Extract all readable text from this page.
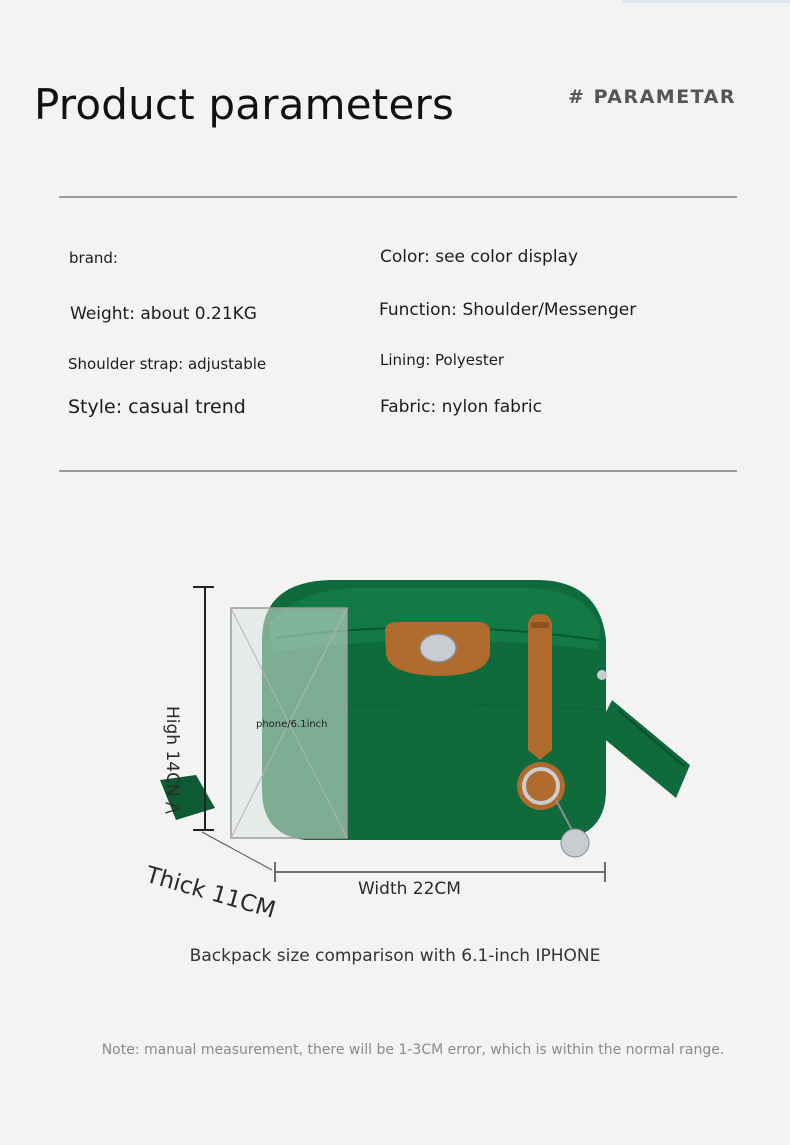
Product parameters	# PARAMETAR
brand:	Color: see color display
Weight: about 0.21KG	Function: Shoulder/Messenger
Shoulder strap: adjustable	Lining: Polyester
Style: casual trend	Fabric: nylon fabric
High 14CN /\
Thick 11CM	Width 22CM
phone/6.1inch
Backpack size comparison with 6.1-inch IPHONE
Note: manual measurement, there will be 1-3CM error, which is within the normal range.
